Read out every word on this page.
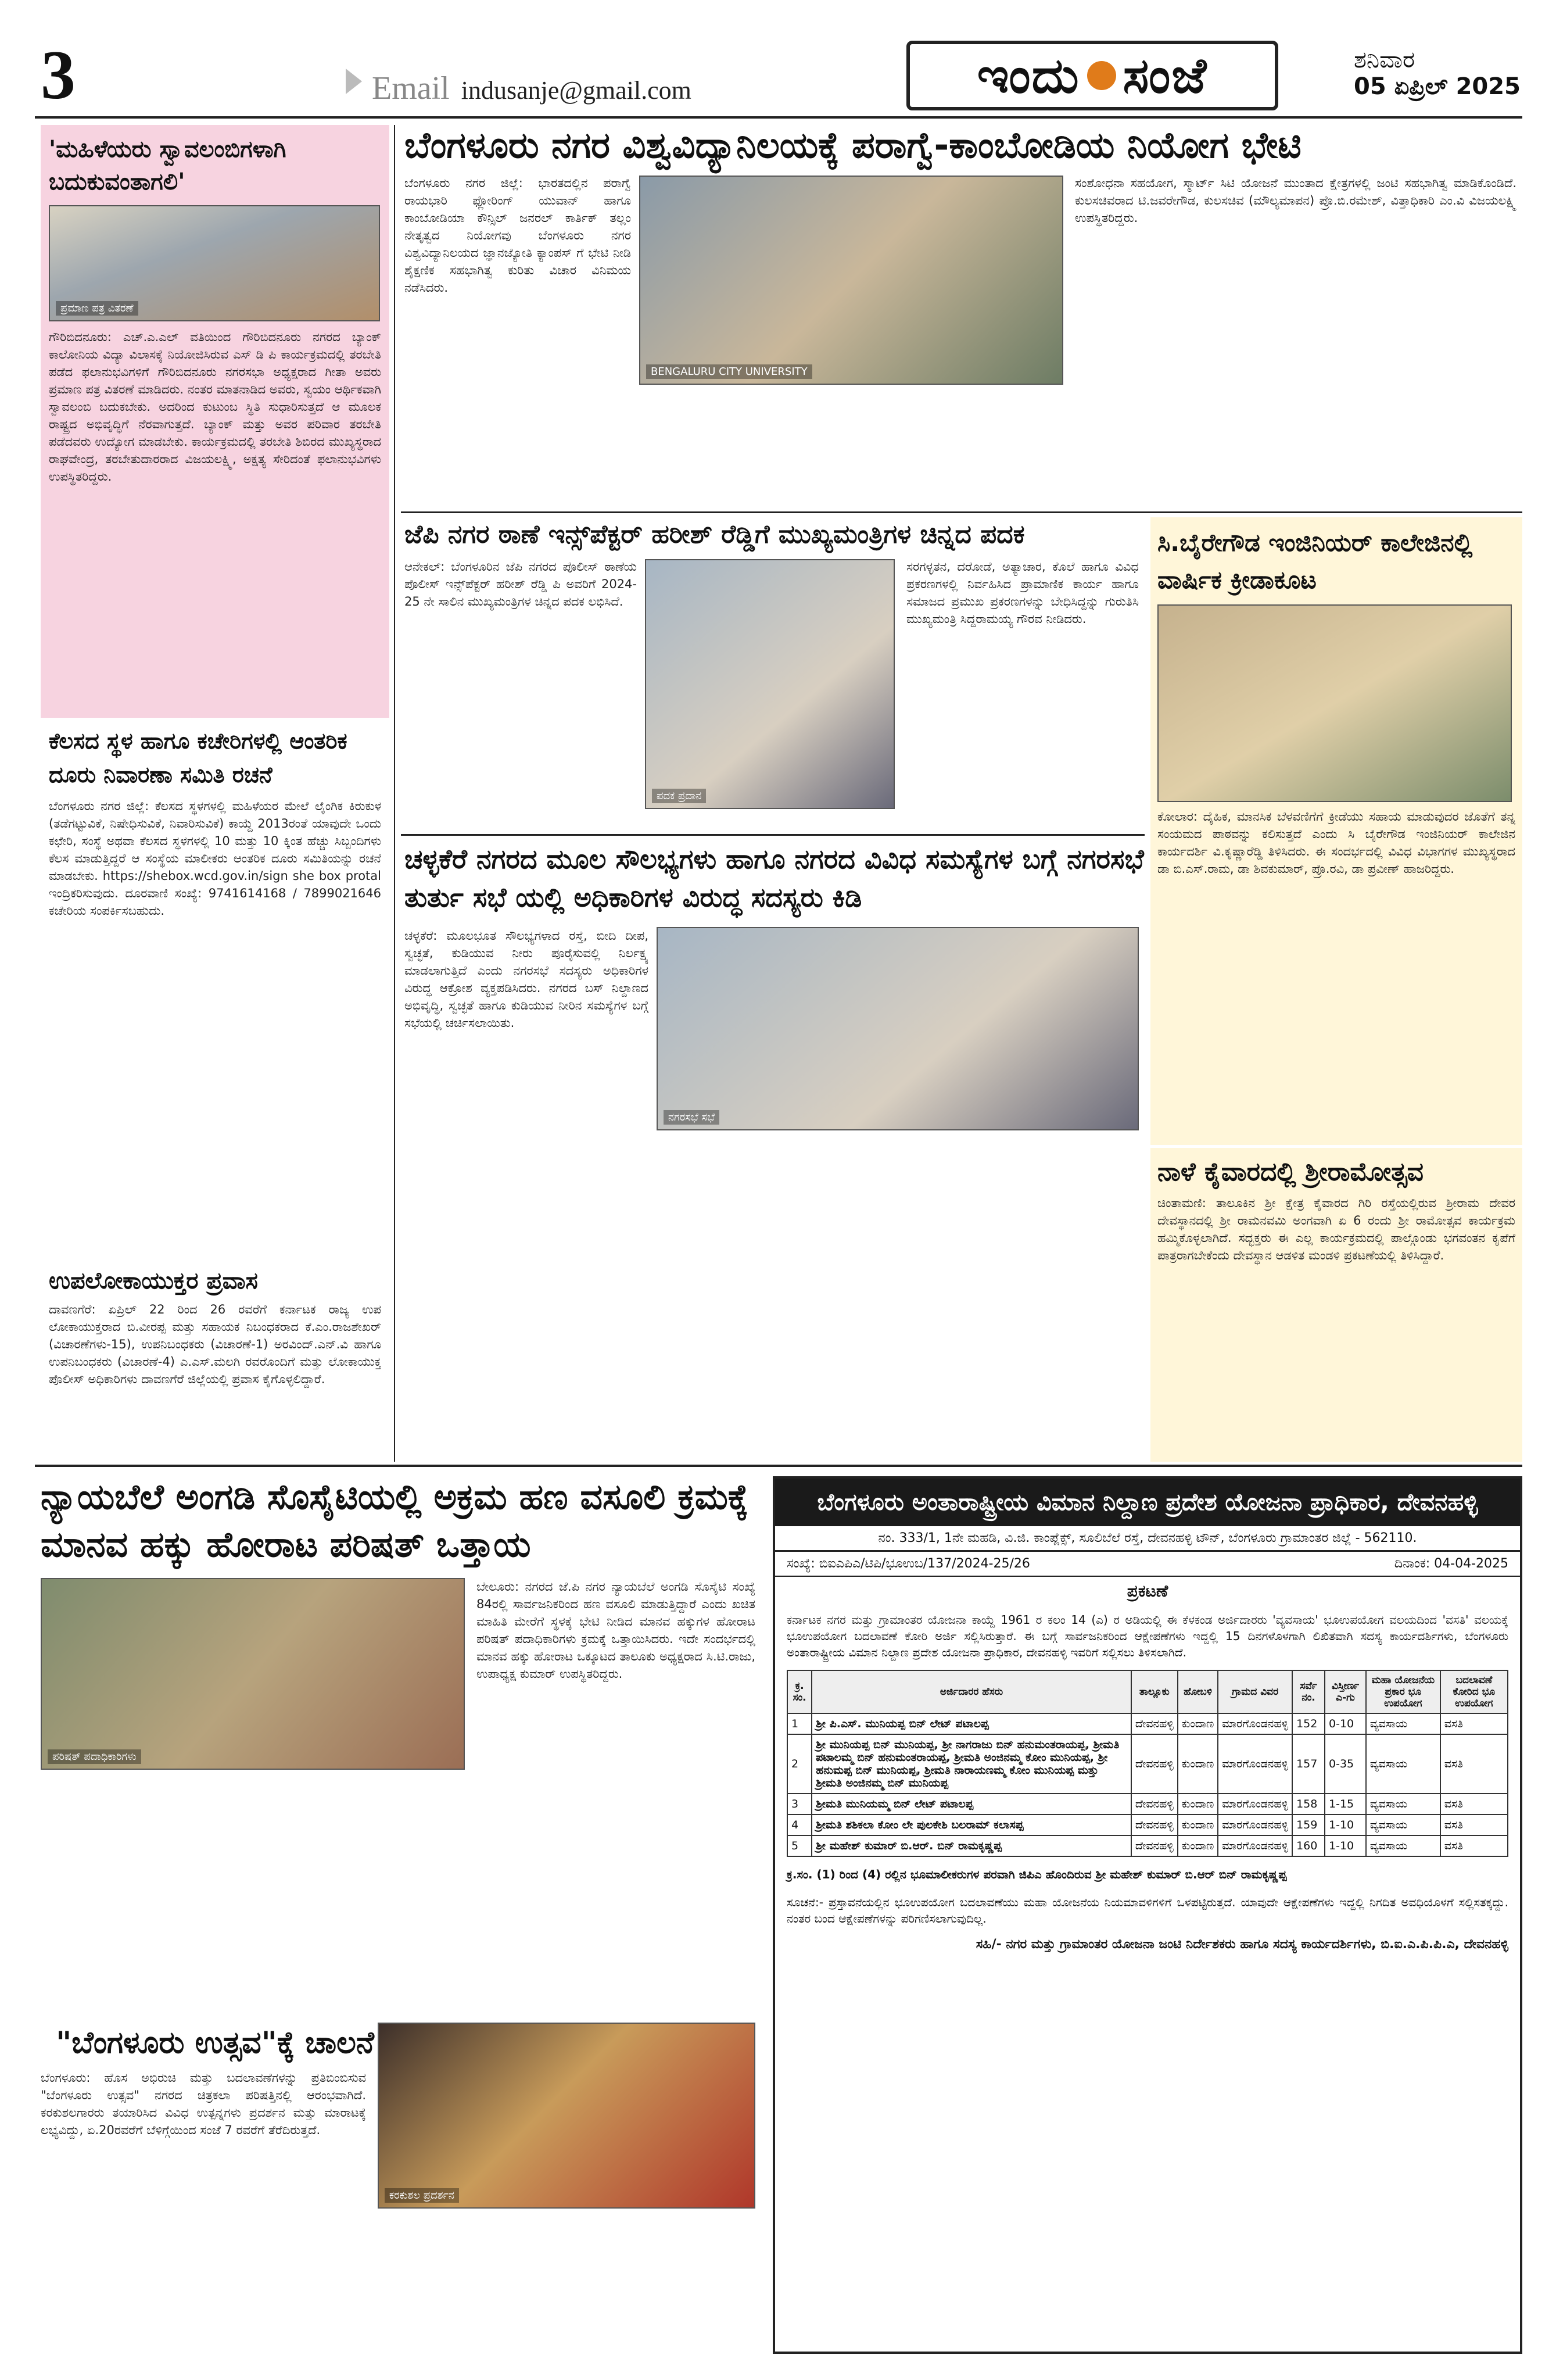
3	Email indusanje@gmail.com	ಇಂದು ಸಂಜೆ	ಶನಿವಾರ
05 ಏಪ್ರಿಲ್ 2025
'ಮಹಿಳೆಯರು ಸ್ವಾವಲಂಬಿಗಳಾಗಿ ಬದುಕುವಂತಾಗಲಿ'
ಪ್ರಮಾಣ ಪತ್ರ ವಿತರಣೆ
ಗೌರಿಬಿದನೂರು: ಎಚ್.ಎ.ಎಲ್ ವತಿಯಿಂದ ಗೌರಿಬಿದನೂರು ನಗರದ ಬ್ಯಾಂಕ್ ಕಾಲೋನಿಯ ವಿದ್ಯಾ ವಿಲಾಸಕ್ಕೆ ನಿಯೋಜಿಸಿರುವ ಎಸ್ ಡಿ ಪಿ ಕಾರ್ಯಕ್ರಮದಲ್ಲಿ ತರಬೇತಿ ಪಡೆದ ಫಲಾನುಭವಿಗಳಿಗೆ ಗೌರಿಬಿದನೂರು ನಗರಸಭಾ ಅಧ್ಯಕ್ಷರಾದ ಗೀತಾ ಅವರು ಪ್ರಮಾಣ ಪತ್ರ ವಿತರಣೆ ಮಾಡಿದರು. ನಂತರ ಮಾತನಾಡಿದ ಅವರು, ಸ್ವಯಂ ಆರ್ಥಿಕವಾಗಿ ಸ್ವಾವಲಂಬಿ ಬದುಕಬೇಕು. ಅದರಿಂದ ಕುಟುಂಬ ಸ್ಥಿತಿ ಸುಧಾರಿಸುತ್ತದೆ ಆ ಮೂಲಕ ರಾಷ್ಟ್ರದ ಅಭಿವೃದ್ಧಿಗೆ ನೆರವಾಗುತ್ತದೆ. ಬ್ಯಾಂಕ್ ಮತ್ತು ಅವರ ಪರಿವಾರ ತರಬೇತಿ ಪಡೆದವರು ಉದ್ಯೋಗ ಮಾಡಬೇಕು. ಕಾರ್ಯಕ್ರಮದಲ್ಲಿ ತರಬೇತಿ ಶಿಬಿರದ ಮುಖ್ಯಸ್ಥರಾದ ರಾಘವೇಂದ್ರ, ತರಬೇತುದಾರರಾದ ವಿಜಯಲಕ್ಷ್ಮಿ, ಅಕ್ಷತ್ಯ ಸೇರಿದಂತೆ ಫಲಾನುಭವಿಗಳು ಉಪಸ್ಥಿತರಿದ್ದರು.
ಕೆಲಸದ ಸ್ಥಳ ಹಾಗೂ ಕಚೇರಿಗಳಲ್ಲಿ ಆಂತರಿಕ ದೂರು ನಿವಾರಣಾ ಸಮಿತಿ ರಚನೆ
ಬೆಂಗಳೂರು ನಗರ ಜಿಲ್ಲೆ: ಕೆಲಸದ ಸ್ಥಳಗಳಲ್ಲಿ ಮಹಿಳೆಯರ ಮೇಲೆ ಲೈಂಗಿಕ ಕಿರುಕುಳ (ತಡೆಗಟ್ಟುವಿಕೆ, ನಿಷೇಧಿಸುವಿಕೆ, ನಿವಾರಿಸುವಿಕೆ) ಕಾಯ್ದೆ 2013ರಂತೆ ಯಾವುದೇ ಒಂದು ಕಛೇರಿ, ಸಂಸ್ಥೆ ಅಥವಾ ಕೆಲಸದ ಸ್ಥಳಗಳಲ್ಲಿ 10 ಮತ್ತು 10 ಕ್ಕಿಂತ ಹೆಚ್ಚು ಸಿಬ್ಬಂದಿಗಳು ಕೆಲಸ ಮಾಡುತ್ತಿದ್ದರೆ ಆ ಸಂಸ್ಥೆಯ ಮಾಲೀಕರು ಆಂತರಿಕ ದೂರು ಸಮಿತಿಯನ್ನು ರಚನೆ ಮಾಡಬೇಕು. https://shebox.wcd.gov.in/sign she box protal ಇಂದ್ರಿಕರಿಸುವುದು. ದೂರವಾಣಿ ಸಂಖ್ಯೆ: 9741614168 / 7899021646 ಕಚೇರಿಯ ಸಂಪರ್ಕಿಸಬಹುದು.
ಉಪಲೋಕಾಯುಕ್ತರ ಪ್ರವಾಸ
ದಾವಣಗೆರೆ: ಏಪ್ರಿಲ್ 22 ರಿಂದ 26 ರವರೆಗೆ ಕರ್ನಾಟಕ ರಾಜ್ಯ ಉಪ ಲೋಕಾಯುಕ್ತರಾದ ಬಿ.ವೀರಪ್ಪ ಮತ್ತು ಸಹಾಯಕ ನಿಬಂಧಕರಾದ ಕೆ.ಎಂ.ರಾಜಶೇಖರ್ (ವಿಚಾರಣೆಗಳು-15), ಉಪನಿಬಂಧಕರು (ವಿಚಾರಣೆ-1) ಅರವಿಂದ್.ಎನ್.ವಿ ಹಾಗೂ ಉಪನಿಬಂಧಕರು (ವಿಚಾರಣೆ-4) ಎ.ಎಸ್.ಮಲಗಿ ರವರೊಂದಿಗೆ ಮತ್ತು ಲೋಕಾಯುಕ್ತ ಪೊಲೀಸ್ ಅಧಿಕಾರಿಗಳು ದಾವಣಗೆರೆ ಜಿಲ್ಲೆಯಲ್ಲಿ ಪ್ರವಾಸ ಕೈಗೊಳ್ಳಲಿದ್ದಾರೆ.
ಬೆಂಗಳೂರು ನಗರ ವಿಶ್ವವಿದ್ಯಾನಿಲಯಕ್ಕೆ ಪರಾಗ್ವೆ-ಕಾಂಬೋಡಿಯ ನಿಯೋಗ ಭೇಟಿ
ಬೆಂಗಳೂರು ನಗರ ಜಿಲ್ಲೆ: ಭಾರತದಲ್ಲಿನ ಪರಾಗ್ವೆ ರಾಯಭಾರಿ ಫ್ಲೋರಿಂಗ್ ಯುವಾನ್ ಹಾಗೂ ಕಾಂಬೋಡಿಯಾ ಕೌನ್ಸಿಲ್ ಜನರಲ್ ಕಾರ್ತಿಕ್ ತಲ್ಲಂ ನೇತೃತ್ವದ ನಿಯೋಗವು ಬೆಂಗಳೂರು ನಗರ ವಿಶ್ವವಿದ್ಯಾನಿಲಯದ ಜ್ಞಾನಜ್ಯೋತಿ ಕ್ಯಾಂಪಸ್ ಗೆ ಭೇಟಿ ನೀಡಿ ಶೈಕ್ಷಣಿಕ ಸಹಭಾಗಿತ್ವ ಕುರಿತು ವಿಚಾರ ವಿನಿಮಯ ನಡೆಸಿದರು.
BENGALURU CITY UNIVERSITY
ಸಂಶೋಧನಾ ಸಹಯೋಗ, ಸ್ಮಾರ್ಟ್ ಸಿಟಿ ಯೋಜನೆ ಮುಂತಾದ ಕ್ಷೇತ್ರಗಳಲ್ಲಿ ಜಂಟಿ ಸಹಭಾಗಿತ್ವ ಮಾಡಿಕೊಂಡಿದೆ. ಕುಲಸಚಿವರಾದ ಟಿ.ಜವರೇಗೌಡ, ಕುಲಸಚಿವ (ಮೌಲ್ಯಮಾಪನ) ಪ್ರೊ.ಬಿ.ರಮೇಶ್, ವಿತ್ತಾಧಿಕಾರಿ ಎಂ.ವಿ ವಿಜಯಲಕ್ಷ್ಮಿ ಉಪಸ್ಥಿತರಿದ್ದರು.
ಜೆಪಿ ನಗರ ಠಾಣೆ ಇನ್ಸ್‌ಪೆಕ್ಟರ್ ಹರೀಶ್ ರೆಡ್ಡಿಗೆ ಮುಖ್ಯಮಂತ್ರಿಗಳ ಚಿನ್ನದ ಪದಕ
ಆನೇಕಲ್: ಬೆಂಗಳೂರಿನ ಜೆಪಿ ನಗರದ ಪೊಲೀಸ್ ಠಾಣೆಯ ಪೊಲೀಸ್ ಇನ್ಸ್‌ಪೆಕ್ಟರ್ ಹರೀಶ್ ರೆಡ್ಡಿ ಪಿ ಅವರಿಗೆ 2024-25 ನೇ ಸಾಲಿನ ಮುಖ್ಯಮಂತ್ರಿಗಳ ಚಿನ್ನದ ಪದಕ ಲಭಿಸಿದೆ.
ಪದಕ ಪ್ರದಾನ
ಸರಗಳ್ಳತನ, ದರೋಡೆ, ಅತ್ಯಾಚಾರ, ಕೊಲೆ ಹಾಗೂ ವಿವಿಧ ಪ್ರಕರಣಗಳಲ್ಲಿ ನಿರ್ವಹಿಸಿದ ಪ್ರಾಮಾಣಿಕ ಕಾರ್ಯ ಹಾಗೂ ಸಮಾಜದ ಪ್ರಮುಖ ಪ್ರಕರಣಗಳನ್ನು ಬೇಧಿಸಿದ್ದನ್ನು ಗುರುತಿಸಿ ಮುಖ್ಯಮಂತ್ರಿ ಸಿದ್ದರಾಮಯ್ಯ ಗೌರವ ನೀಡಿದರು.
ಸಿ.ಬೈರೇಗೌಡ ಇಂಜಿನಿಯರ್ ಕಾಲೇಜಿನಲ್ಲಿ ವಾರ್ಷಿಕ ಕ್ರೀಡಾಕೂಟ
ಕೋಲಾರ: ದೈಹಿಕ, ಮಾನಸಿಕ ಬೆಳವಣಿಗೆಗೆ ಕ್ರೀಡೆಯು ಸಹಾಯ ಮಾಡುವುದರ ಜೊತೆಗೆ ತನ್ನ ಸಂಯಮದ ಪಾಠವನ್ನು ಕಲಿಸುತ್ತದೆ ಎಂದು ಸಿ ಬೈರೇಗೌಡ ಇಂಜಿನಿಯರ್ ಕಾಲೇಜಿನ ಕಾರ್ಯದರ್ಶಿ ವಿ.ಕೃಷ್ಣಾರೆಡ್ಡಿ ತಿಳಿಸಿದರು. ಈ ಸಂದರ್ಭದಲ್ಲಿ ವಿವಿಧ ವಿಭಾಗಗಳ ಮುಖ್ಯಸ್ಥರಾದ ಡಾ ಬಿ.ಎಸ್.ರಾಮ, ಡಾ ಶಿವಕುಮಾರ್, ಪ್ರೊ.ರವಿ, ಡಾ ಪ್ರವೀಣ್ ಹಾಜರಿದ್ದರು.
ಚಳ್ಳಕೆರೆ ನಗರದ ಮೂಲ ಸೌಲಭ್ಯಗಳು ಹಾಗೂ ನಗರದ ವಿವಿಧ ಸಮಸ್ಯೆಗಳ ಬಗ್ಗೆ ನಗರಸಭೆ ತುರ್ತು ಸಭೆ ಯಲ್ಲಿ ಅಧಿಕಾರಿಗಳ ವಿರುದ್ಧ ಸದಸ್ಯರು ಕಿಡಿ
ಚಳ್ಳಕೆರೆ: ಮೂಲಭೂತ ಸೌಲಭ್ಯಗಳಾದ ರಸ್ತೆ, ಬೀದಿ ದೀಪ, ಸ್ವಚ್ಛತೆ, ಕುಡಿಯುವ ನೀರು ಪೂರೈಸುವಲ್ಲಿ ನಿರ್ಲಕ್ಷ್ಯ ಮಾಡಲಾಗುತ್ತಿದೆ ಎಂದು ನಗರಸಭೆ ಸದಸ್ಯರು ಅಧಿಕಾರಿಗಳ ವಿರುದ್ಧ ಆಕ್ರೋಶ ವ್ಯಕ್ತಪಡಿಸಿದರು. ನಗರದ ಬಸ್ ನಿಲ್ದಾಣದ ಅಭಿವೃದ್ಧಿ, ಸ್ವಚ್ಛತೆ ಹಾಗೂ ಕುಡಿಯುವ ನೀರಿನ ಸಮಸ್ಯೆಗಳ ಬಗ್ಗೆ ಸಭೆಯಲ್ಲಿ ಚರ್ಚಿಸಲಾಯಿತು.
ನಗರಸಭೆ ಸಭೆ
ನಾಳೆ ಕೈವಾರದಲ್ಲಿ ಶ್ರೀರಾಮೋತ್ಸವ
ಚಿಂತಾಮಣಿ: ತಾಲೂಕಿನ ಶ್ರೀ ಕ್ಷೇತ್ರ ಕೈವಾರದ ಗಿರಿ ರಸ್ತೆಯಲ್ಲಿರುವ ಶ್ರೀರಾಮ ದೇವರ ದೇವಸ್ಥಾನದಲ್ಲಿ ಶ್ರೀ ರಾಮನವಮಿ ಅಂಗವಾಗಿ ಏ 6 ರಂದು ಶ್ರೀ ರಾಮೋತ್ಸವ ಕಾರ್ಯಕ್ರಮ ಹಮ್ಮಿಕೊಳ್ಳಲಾಗಿದೆ. ಸದ್ಭಕ್ತರು ಈ ಎಲ್ಲ ಕಾರ್ಯಕ್ರಮದಲ್ಲಿ ಪಾಲ್ಗೊಂಡು ಭಗವಂತನ ಕೃಪೆಗೆ ಪಾತ್ರರಾಗಬೇಕೆಂದು ದೇವಸ್ಥಾನ ಆಡಳಿತ ಮಂಡಳಿ ಪ್ರಕಟಣೆಯಲ್ಲಿ ತಿಳಿಸಿದ್ದಾರೆ.
ನ್ಯಾಯಬೆಲೆ ಅಂಗಡಿ ಸೊಸೈಟಿಯಲ್ಲಿ ಅಕ್ರಮ ಹಣ ವಸೂಲಿ ಕ್ರಮಕ್ಕೆ ಮಾನವ ಹಕ್ಕು ಹೋರಾಟ ಪರಿಷತ್ ಒತ್ತಾಯ
ಪರಿಷತ್ ಪದಾಧಿಕಾರಿಗಳು
ಬೇಲೂರು: ನಗರದ ಜೆ.ಪಿ ನಗರ ನ್ಯಾಯಬೆಲೆ ಅಂಗಡಿ ಸೊಸೈಟಿ ಸಂಖ್ಯೆ 84ರಲ್ಲಿ ಸಾರ್ವಜನಿಕರಿಂದ ಹಣ ವಸೂಲಿ ಮಾಡುತ್ತಿದ್ದಾರೆ ಎಂದು ಖಚಿತ ಮಾಹಿತಿ ಮೇರೆಗೆ ಸ್ಥಳಕ್ಕೆ ಭೇಟಿ ನೀಡಿದ ಮಾನವ ಹಕ್ಕುಗಳ ಹೋರಾಟ ಪರಿಷತ್ ಪದಾಧಿಕಾರಿಗಳು ಕ್ರಮಕ್ಕೆ ಒತ್ತಾಯಿಸಿದರು. ಇದೇ ಸಂದರ್ಭದಲ್ಲಿ ಮಾನವ ಹಕ್ಕು ಹೋರಾಟ ಒಕ್ಕೂಟದ ತಾಲೂಕು ಅಧ್ಯಕ್ಷರಾದ ಸಿ.ಟಿ.ರಾಜು, ಉಪಾಧ್ಯಕ್ಷ ಕುಮಾರ್ ಉಪಸ್ಥಿತರಿದ್ದರು.
"ಬೆಂಗಳೂರು ಉತ್ಸವ"ಕ್ಕೆ ಚಾಲನೆ
ಬೆಂಗಳೂರು: ಹೊಸ ಅಭಿರುಚಿ ಮತ್ತು ಬದಲಾವಣೆಗಳನ್ನು ಪ್ರತಿಬಿಂಬಿಸುವ "ಬೆಂಗಳೂರು ಉತ್ಸವ" ನಗರದ ಚಿತ್ರಕಲಾ ಪರಿಷತ್ತಿನಲ್ಲಿ ಆರಂಭವಾಗಿದೆ. ಕರಕುಶಲಗಾರರು ತಯಾರಿಸಿದ ವಿವಿಧ ಉತ್ಪನ್ನಗಳು ಪ್ರದರ್ಶನ ಮತ್ತು ಮಾರಾಟಕ್ಕೆ ಲಭ್ಯವಿದ್ದು, ಏ.20ರವರೆಗೆ ಬೆಳಿಗ್ಗೆಯಿಂದ ಸಂಜೆ 7 ರವರೆಗೆ ತೆರೆದಿರುತ್ತದೆ.
ಕರಕುಶಲ ಪ್ರದರ್ಶನ
ಬೆಂಗಳೂರು ಅಂತಾರಾಷ್ಟ್ರೀಯ ವಿಮಾನ ನಿಲ್ದಾಣ ಪ್ರದೇಶ ಯೋಜನಾ ಪ್ರಾಧಿಕಾರ, ದೇವನಹಳ್ಳಿ
ನಂ. 333/1, 1ನೇ ಮಹಡಿ, ವಿ.ಜಿ. ಕಾಂಪ್ಲೆಕ್ಸ್, ಸೂಲಿಬೆಲೆ ರಸ್ತೆ, ದೇವನಹಳ್ಳಿ ಟೌನ್, ಬೆಂಗಳೂರು ಗ್ರಾಮಾಂತರ ಜಿಲ್ಲೆ - 562110.
ಸಂಖ್ಯೆ: ಬಿಐಎಪಿಎ/ಟಿಪಿ/ಭೂಉಬ/137/2024-25/26	ದಿನಾಂಕ: 04-04-2025
ಪ್ರಕಟಣೆ
ಕರ್ನಾಟಕ ನಗರ ಮತ್ತು ಗ್ರಾಮಾಂತರ ಯೋಜನಾ ಕಾಯ್ದೆ 1961 ರ ಕಲಂ 14 (ಎ) ರ ಅಡಿಯಲ್ಲಿ ಈ ಕೆಳಕಂಡ ಅರ್ಜಿದಾರರು 'ವ್ಯವಸಾಯ' ಭೂಉಪಯೋಗ ವಲಯದಿಂದ 'ವಸತಿ' ವಲಯಕ್ಕೆ ಭೂಉಪಯೋಗ ಬದಲಾವಣೆ ಕೋರಿ ಅರ್ಜಿ ಸಲ್ಲಿಸಿರುತ್ತಾರೆ. ಈ ಬಗ್ಗೆ ಸಾರ್ವಜನಿಕರಿಂದ ಆಕ್ಷೇಪಣೆಗಳು ಇದ್ದಲ್ಲಿ 15 ದಿನಗಳೊಳಗಾಗಿ ಲಿಖಿತವಾಗಿ ಸದಸ್ಯ ಕಾರ್ಯದರ್ಶಿಗಳು, ಬೆಂಗಳೂರು ಅಂತಾರಾಷ್ಟ್ರೀಯ ವಿಮಾನ ನಿಲ್ದಾಣ ಪ್ರದೇಶ ಯೋಜನಾ ಪ್ರಾಧಿಕಾರ, ದೇವನಹಳ್ಳಿ ಇವರಿಗೆ ಸಲ್ಲಿಸಲು ತಿಳಿಸಲಾಗಿದೆ.
ಕ್ರ. ಸಂ.	ಅರ್ಜಿದಾರರ ಹೆಸರು	ತಾಲ್ಲೂಕು	ಹೋಬಳಿ	ಗ್ರಾಮದ ವಿವರ	ಸರ್ವೆ ನಂ.	ವಿಸ್ತೀರ್ಣ ಎ-ಗು	ಮಹಾ ಯೋಜನೆಯ ಪ್ರಕಾರ ಭೂ ಉಪಯೋಗ	ಬದಲಾವಣೆ ಕೋರಿದ ಭೂ ಉಪಯೋಗ
1	ಶ್ರೀ ಪಿ.ಎಸ್. ಮುನಿಯಪ್ಪ ಬಿನ್ ಲೇಟ್ ಪಟಾಲಪ್ಪ	ದೇವನಹಳ್ಳಿ	ಕುಂದಾಣ	ಮಾರಗೊಂಡನಹಳ್ಳಿ	152	0-10	ವ್ಯವಸಾಯ	ವಸತಿ
2	ಶ್ರೀ ಮುನಿಯಪ್ಪ ಬಿನ್ ಮುನಿಯಪ್ಪ, ಶ್ರೀ ನಾಗರಾಜು ಬಿನ್ ಹನುಮಂತರಾಯಪ್ಪ, ಶ್ರೀಮತಿ ಪಟಾಲಮ್ಮ ಬಿನ್ ಹನುಮಂತರಾಯಪ್ಪ, ಶ್ರೀಮತಿ ಅಂಜಿನಮ್ಮ ಕೋಂ ಮುನಿಯಪ್ಪ, ಶ್ರೀ ಹನುಮಪ್ಪ ಬಿನ್ ಮುನಿಯಪ್ಪ, ಶ್ರೀಮತಿ ನಾರಾಯಣಮ್ಮ ಕೋಂ ಮುನಿಯಪ್ಪ ಮತ್ತು ಶ್ರೀಮತಿ ಅಂಜಿನಮ್ಮ ಬಿನ್ ಮುನಿಯಪ್ಪ	ದೇವನಹಳ್ಳಿ	ಕುಂದಾಣ	ಮಾರಗೊಂಡನಹಳ್ಳಿ	157	0-35	ವ್ಯವಸಾಯ	ವಸತಿ
3	ಶ್ರೀಮತಿ ಮುನಿಯಮ್ಮ ಬಿನ್ ಲೇಟ್ ಪಟಾಲಪ್ಪ	ದೇವನಹಳ್ಳಿ	ಕುಂದಾಣ	ಮಾರಗೊಂಡನಹಳ್ಳಿ	158	1-15	ವ್ಯವಸಾಯ	ವಸತಿ
4	ಶ್ರೀಮತಿ ಶಶಿಕಲಾ ಕೋಂ ಲೇ ಪುಲಕೇಶಿ ಬಲರಾಮ್ ಕಲಾಸಪ್ಪ	ದೇವನಹಳ್ಳಿ	ಕುಂದಾಣ	ಮಾರಗೊಂಡನಹಳ್ಳಿ	159	1-10	ವ್ಯವಸಾಯ	ವಸತಿ
5	ಶ್ರೀ ಮಹೇಶ್ ಕುಮಾರ್ ಬಿ.ಆರ್. ಬಿನ್ ರಾಮಕೃಷ್ಣಪ್ಪ	ದೇವನಹಳ್ಳಿ	ಕುಂದಾಣ	ಮಾರಗೊಂಡನಹಳ್ಳಿ	160	1-10	ವ್ಯವಸಾಯ	ವಸತಿ
ಕ್ರ.ಸಂ. (1) ರಿಂದ (4) ರಲ್ಲಿನ ಭೂಮಾಲೀಕರುಗಳ ಪರವಾಗಿ ಜಿಪಿಎ ಹೊಂದಿರುವ ಶ್ರೀ ಮಹೇಶ್ ಕುಮಾರ್ ಬಿ.ಆರ್ ಬಿನ್ ರಾಮಕೃಷ್ಣಪ್ಪ
ಸೂಚನೆ:- ಪ್ರಸ್ತಾವನೆಯಲ್ಲಿನ ಭೂಉಪಯೋಗ ಬದಲಾವಣೆಯು ಮಹಾ ಯೋಜನೆಯ ನಿಯಮಾವಳಿಗಳಿಗೆ ಒಳಪಟ್ಟಿರುತ್ತದೆ. ಯಾವುದೇ ಆಕ್ಷೇಪಣೆಗಳು ಇದ್ದಲ್ಲಿ ನಿಗದಿತ ಅವಧಿಯೊಳಗೆ ಸಲ್ಲಿಸತಕ್ಕದ್ದು. ನಂತರ ಬಂದ ಆಕ್ಷೇಪಣೆಗಳನ್ನು ಪರಿಗಣಿಸಲಾಗುವುದಿಲ್ಲ.
ಸಹಿ/- ನಗರ ಮತ್ತು ಗ್ರಾಮಾಂತರ ಯೋಜನಾ ಜಂಟಿ ನಿರ್ದೇಶಕರು ಹಾಗೂ ಸದಸ್ಯ ಕಾರ್ಯದರ್ಶಿಗಳು, ಬಿ.ಐ.ಎ.ಪಿ.ಪಿ.ಎ, ದೇವನಹಳ್ಳಿ
